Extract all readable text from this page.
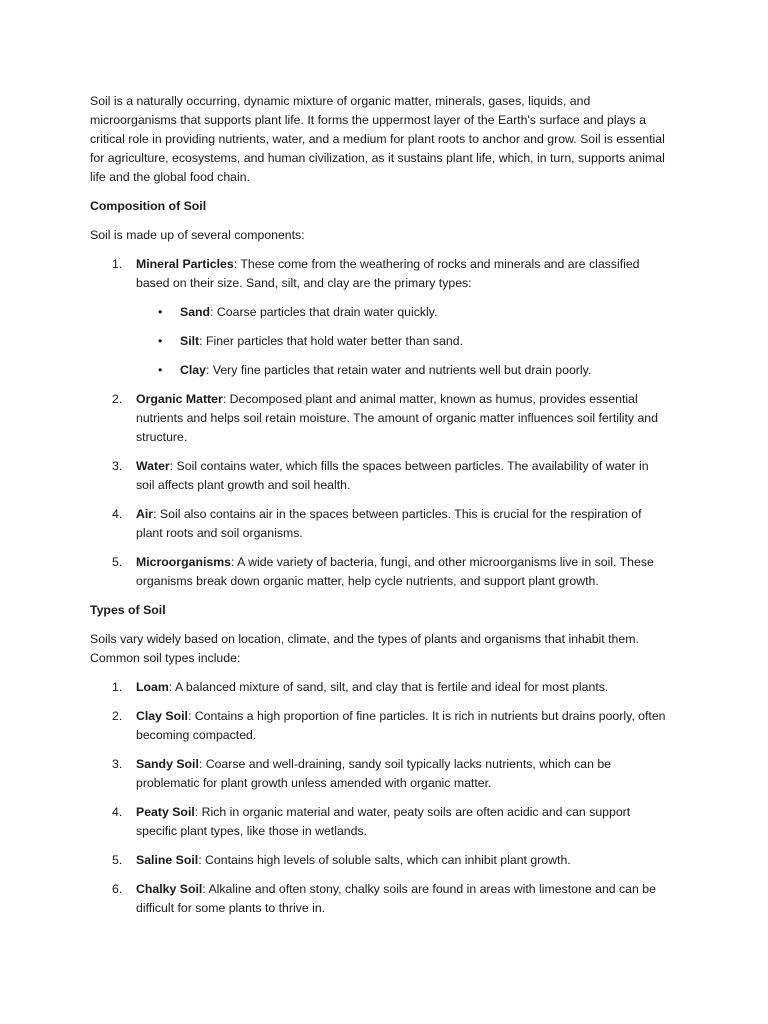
Soil is a naturally occurring, dynamic mixture of organic matter, minerals, gases, liquids, and microorganisms that supports plant life. It forms the uppermost layer of the Earth's surface and plays a critical role in providing nutrients, water, and a medium for plant roots to anchor and grow. Soil is essential for agriculture, ecosystems, and human civilization, as it sustains plant life, which, in turn, supports animal life and the global food chain.

Composition of Soil

Soil is made up of several components:

1. Mineral Particles: These come from the weathering of rocks and minerals and are classified based on their size. Sand, silt, and clay are the primary types:
• Sand: Coarse particles that drain water quickly.
• Silt: Finer particles that hold water better than sand.
• Clay: Very fine particles that retain water and nutrients well but drain poorly.
2. Organic Matter: Decomposed plant and animal matter, known as humus, provides essential nutrients and helps soil retain moisture. The amount of organic matter influences soil fertility and structure.
3. Water: Soil contains water, which fills the spaces between particles. The availability of water in soil affects plant growth and soil health.
4. Air: Soil also contains air in the spaces between particles. This is crucial for the respiration of plant roots and soil organisms.
5. Microorganisms: A wide variety of bacteria, fungi, and other microorganisms live in soil. These organisms break down organic matter, help cycle nutrients, and support plant growth.

Types of Soil

Soils vary widely based on location, climate, and the types of plants and organisms that inhabit them. Common soil types include:

1. Loam: A balanced mixture of sand, silt, and clay that is fertile and ideal for most plants.
2. Clay Soil: Contains a high proportion of fine particles. It is rich in nutrients but drains poorly, often becoming compacted.
3. Sandy Soil: Coarse and well-draining, sandy soil typically lacks nutrients, which can be problematic for plant growth unless amended with organic matter.
4. Peaty Soil: Rich in organic material and water, peaty soils are often acidic and can support specific plant types, like those in wetlands.
5. Saline Soil: Contains high levels of soluble salts, which can inhibit plant growth.
6. Chalky Soil: Alkaline and often stony, chalky soils are found in areas with limestone and can be difficult for some plants to thrive in.
